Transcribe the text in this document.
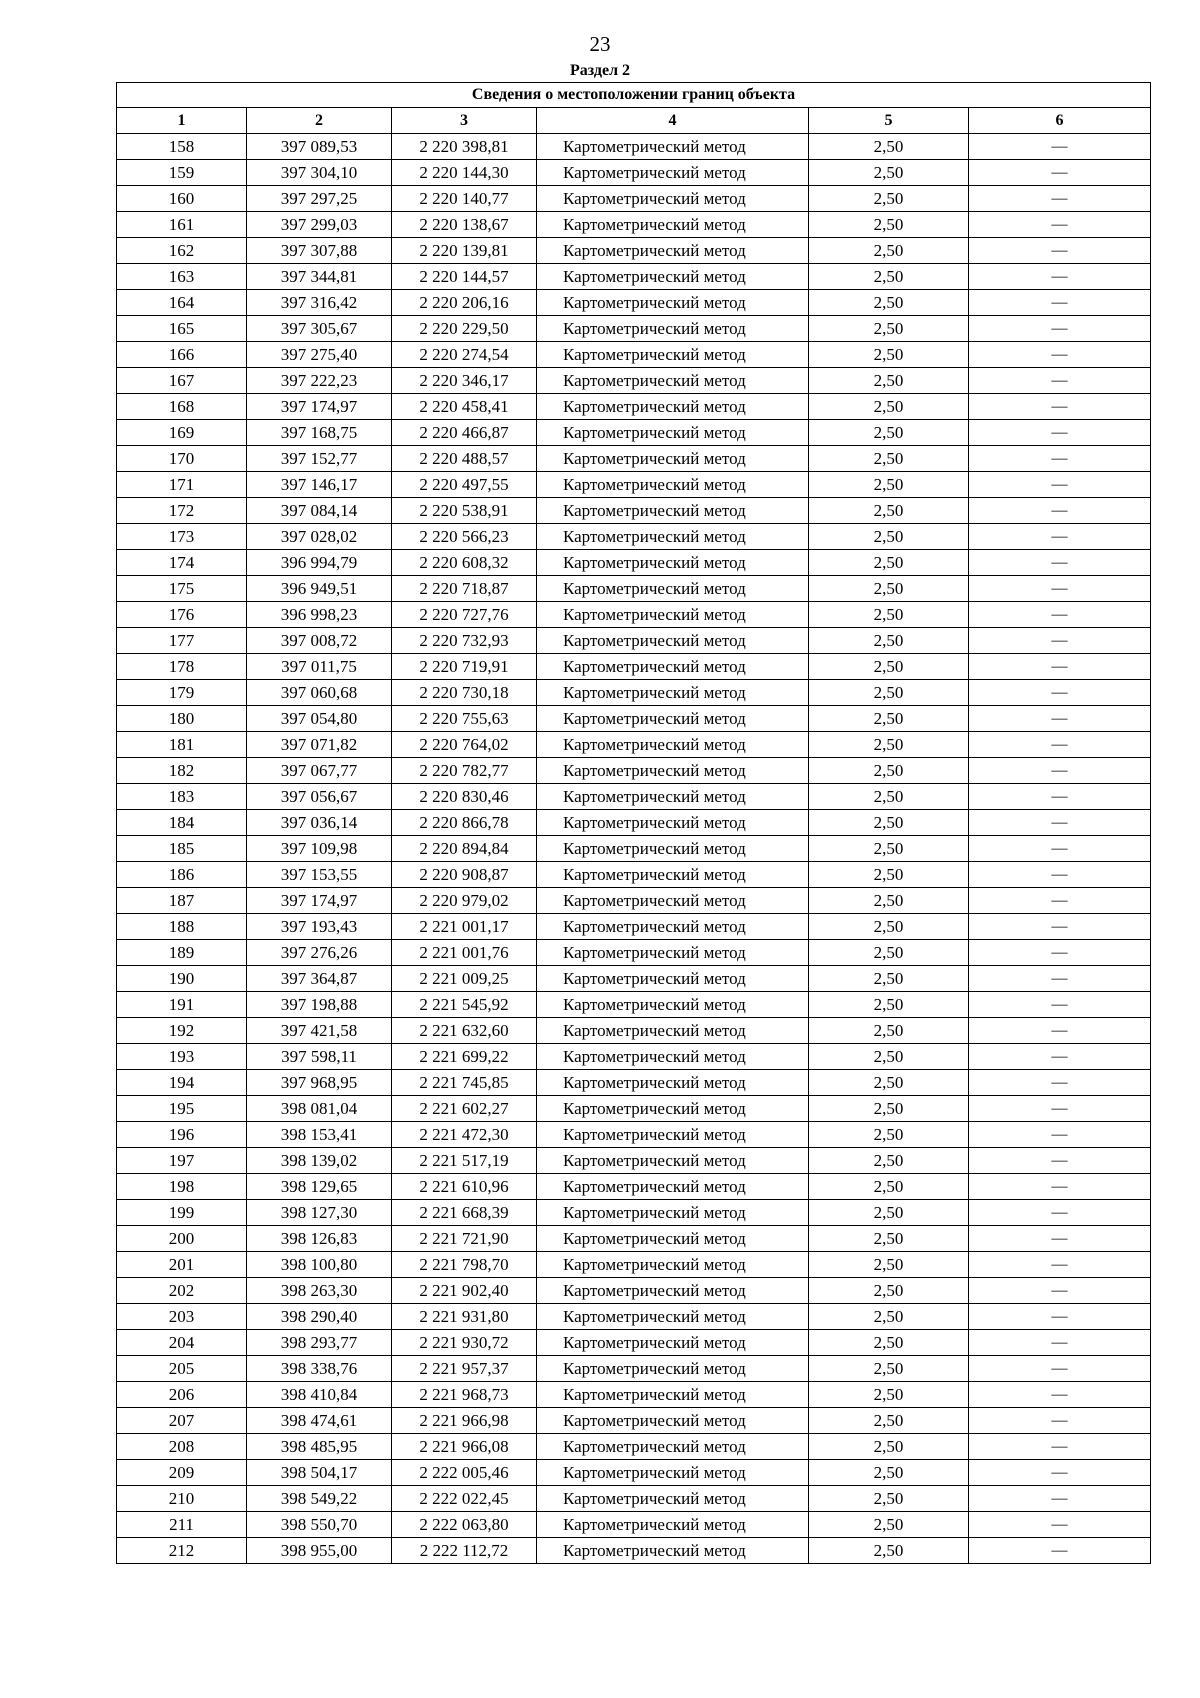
23
Раздел 2
Сведения о местоположении границ объекта					
1	2	3	4	5	6
158	397 089,53	2 220 398,81	Картометрический метод	2,50	—
159	397 304,10	2 220 144,30	Картометрический метод	2,50	—
160	397 297,25	2 220 140,77	Картометрический метод	2,50	—
161	397 299,03	2 220 138,67	Картометрический метод	2,50	—
162	397 307,88	2 220 139,81	Картометрический метод	2,50	—
163	397 344,81	2 220 144,57	Картометрический метод	2,50	—
164	397 316,42	2 220 206,16	Картометрический метод	2,50	—
165	397 305,67	2 220 229,50	Картометрический метод	2,50	—
166	397 275,40	2 220 274,54	Картометрический метод	2,50	—
167	397 222,23	2 220 346,17	Картометрический метод	2,50	—
168	397 174,97	2 220 458,41	Картометрический метод	2,50	—
169	397 168,75	2 220 466,87	Картометрический метод	2,50	—
170	397 152,77	2 220 488,57	Картометрический метод	2,50	—
171	397 146,17	2 220 497,55	Картометрический метод	2,50	—
172	397 084,14	2 220 538,91	Картометрический метод	2,50	—
173	397 028,02	2 220 566,23	Картометрический метод	2,50	—
174	396 994,79	2 220 608,32	Картометрический метод	2,50	—
175	396 949,51	2 220 718,87	Картометрический метод	2,50	—
176	396 998,23	2 220 727,76	Картометрический метод	2,50	—
177	397 008,72	2 220 732,93	Картометрический метод	2,50	—
178	397 011,75	2 220 719,91	Картометрический метод	2,50	—
179	397 060,68	2 220 730,18	Картометрический метод	2,50	—
180	397 054,80	2 220 755,63	Картометрический метод	2,50	—
181	397 071,82	2 220 764,02	Картометрический метод	2,50	—
182	397 067,77	2 220 782,77	Картометрический метод	2,50	—
183	397 056,67	2 220 830,46	Картометрический метод	2,50	—
184	397 036,14	2 220 866,78	Картометрический метод	2,50	—
185	397 109,98	2 220 894,84	Картометрический метод	2,50	—
186	397 153,55	2 220 908,87	Картометрический метод	2,50	—
187	397 174,97	2 220 979,02	Картометрический метод	2,50	—
188	397 193,43	2 221 001,17	Картометрический метод	2,50	—
189	397 276,26	2 221 001,76	Картометрический метод	2,50	—
190	397 364,87	2 221 009,25	Картометрический метод	2,50	—
191	397 198,88	2 221 545,92	Картометрический метод	2,50	—
192	397 421,58	2 221 632,60	Картометрический метод	2,50	—
193	397 598,11	2 221 699,22	Картометрический метод	2,50	—
194	397 968,95	2 221 745,85	Картометрический метод	2,50	—
195	398 081,04	2 221 602,27	Картометрический метод	2,50	—
196	398 153,41	2 221 472,30	Картометрический метод	2,50	—
197	398 139,02	2 221 517,19	Картометрический метод	2,50	—
198	398 129,65	2 221 610,96	Картометрический метод	2,50	—
199	398 127,30	2 221 668,39	Картометрический метод	2,50	—
200	398 126,83	2 221 721,90	Картометрический метод	2,50	—
201	398 100,80	2 221 798,70	Картометрический метод	2,50	—
202	398 263,30	2 221 902,40	Картометрический метод	2,50	—
203	398 290,40	2 221 931,80	Картометрический метод	2,50	—
204	398 293,77	2 221 930,72	Картометрический метод	2,50	—
205	398 338,76	2 221 957,37	Картометрический метод	2,50	—
206	398 410,84	2 221 968,73	Картометрический метод	2,50	—
207	398 474,61	2 221 966,98	Картометрический метод	2,50	—
208	398 485,95	2 221 966,08	Картометрический метод	2,50	—
209	398 504,17	2 222 005,46	Картометрический метод	2,50	—
210	398 549,22	2 222 022,45	Картометрический метод	2,50	—
211	398 550,70	2 222 063,80	Картометрический метод	2,50	—
212	398 955,00	2 222 112,72	Картометрический метод	2,50	—
